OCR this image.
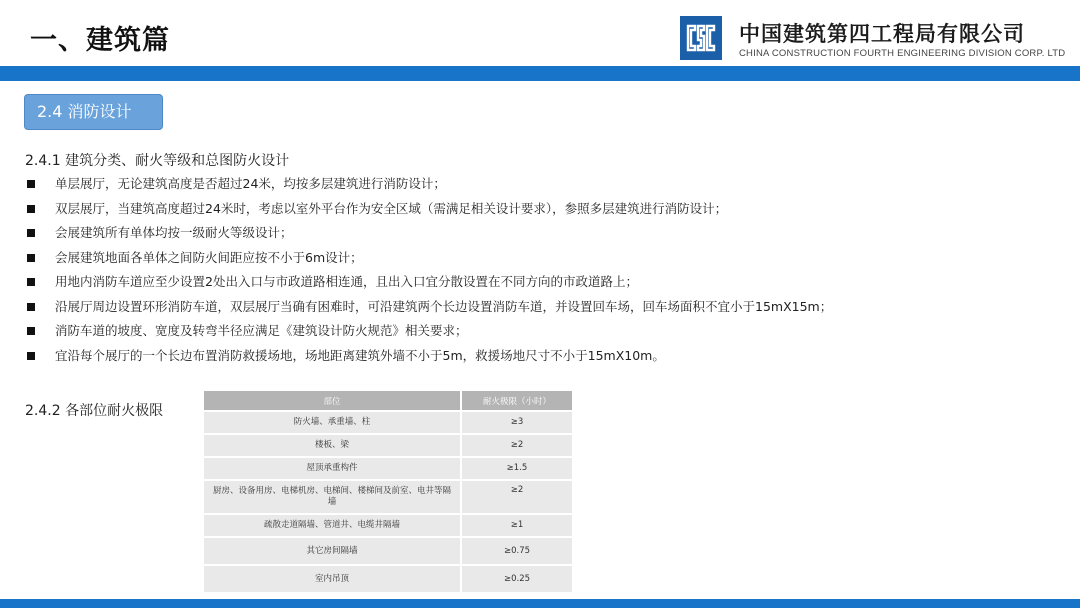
一、建筑篇	中国建筑第四工程局有限公司
CHINA CONSTRUCTION FOURTH ENGINEERING DIVISION CORP. LTD
2.4 消防设计
2.4.1 建筑分类、耐火等级和总图防火设计
单层展厅，无论建筑高度是否超过24米，均按多层建筑进行消防设计；
双层展厅，当建筑高度超过24米时，考虑以室外平台作为安全区域（需满足相关设计要求），参照多层建筑进行消防设计；
会展建筑所有单体均按一级耐火等级设计；
会展建筑地面各单体之间防火间距应按不小于6m设计；
用地内消防车道应至少设置2处出入口与市政道路相连通，且出入口宜分散设置在不同方向的市政道路上；
沿展厅周边设置环形消防车道，双层展厅当确有困难时，可沿建筑两个长边设置消防车道，并设置回车场，回车场面积不宜小于15mX15m；
消防车道的坡度、宽度及转弯半径应满足《建筑设计防火规范》相关要求；
宜沿每个展厅的一个长边布置消防救援场地，场地距离建筑外墙不小于5m，救援场地尺寸不小于15mX10m。
2.4.2 各部位耐火极限
部位	耐火极限（小时）
防火墙、承重墙、柱	≥3
楼板、梁	≥2
屋顶承重构件	≥1.5
厨房、设备用房、电梯机房、电梯间、楼梯间及前室、电井等隔墙	≥2
疏散走道隔墙、管道井、电缆井隔墙	≥1
其它房间隔墙	≥0.75
室内吊顶	≥0.25
